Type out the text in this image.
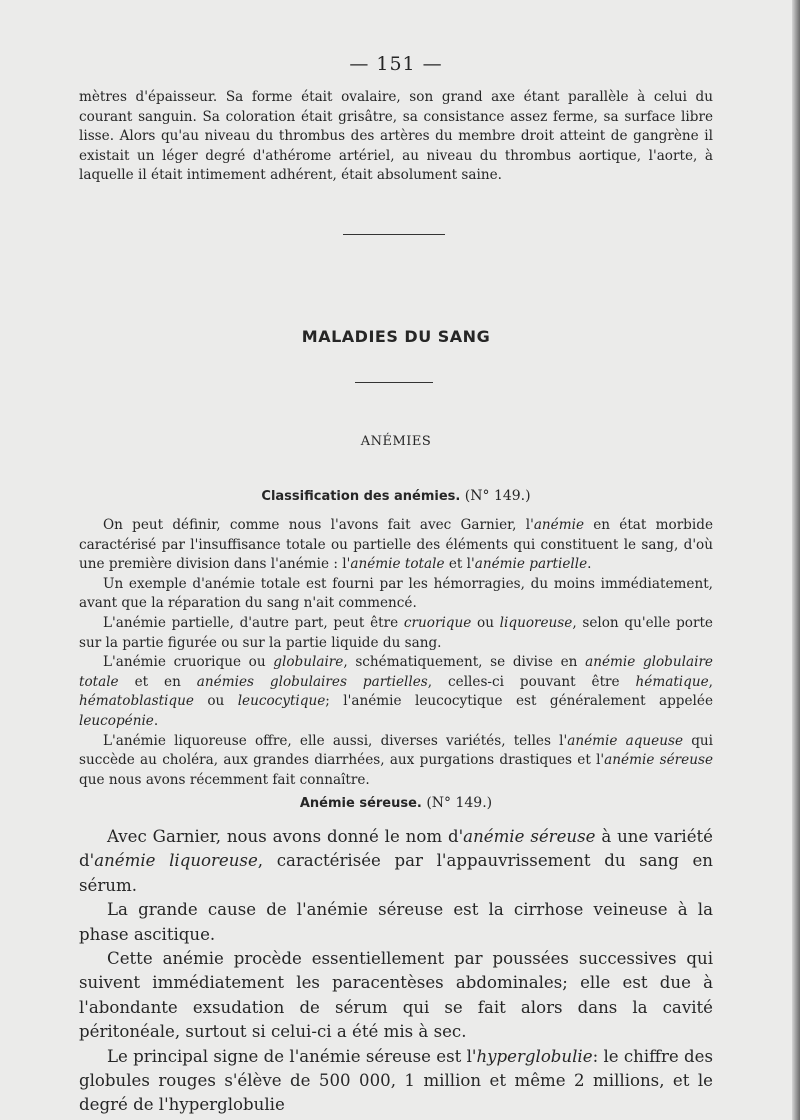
— 151 —

mètres d'épaisseur. Sa forme était ovalaire, son grand axe étant parallèle à celui du courant sanguin. Sa coloration était grisâtre, sa consistance assez ferme, sa surface libre lisse. Alors qu'au niveau du thrombus des artères du membre droit atteint de gangrène il existait un léger degré d'athérome artériel, au niveau du thrombus aortique, l'aorte, à laquelle il était intimement adhérent, était absolument saine.

MALADIES DU SANG
ANÉMIES
Classification des anémies. (N° 149.)

On peut définir, comme nous l'avons fait avec Garnier, l'anémie en état morbide caractérisé par l'insuffisance totale ou partielle des éléments qui constituent le sang, d'où une première division dans l'anémie : l'anémie totale et l'anémie partielle.

Un exemple d'anémie totale est fourni par les hémorragies, du moins immédiatement, avant que la réparation du sang n'ait commencé.

L'anémie partielle, d'autre part, peut être cruorique ou liquoreuse, selon qu'elle porte sur la partie figurée ou sur la partie liquide du sang.

L'anémie cruorique ou globulaire, schématiquement, se divise en anémie globulaire totale et en anémies globulaires partielles, celles-ci pouvant être hématique, hématoblastique ou leucocytique; l'anémie leucocytique est généralement appelée leucopénie.

L'anémie liquoreuse offre, elle aussi, diverses variétés, telles l'anémie aqueuse qui succède au choléra, aux grandes diarrhées, aux purgations drastiques et l'anémie séreuse que nous avons récemment fait connaître.

Anémie séreuse. (N° 149.)

Avec Garnier, nous avons donné le nom d'anémie séreuse à une variété d'anémie liquoreuse, caractérisée par l'appauvrissement du sang en sérum.

La grande cause de l'anémie séreuse est la cirrhose veineuse à la phase ascitique.

Cette anémie procède essentiellement par poussées successives qui suivent immédiatement les paracentèses abdominales; elle est due à l'abondante exsudation de sérum qui se fait alors dans la cavité péritonéale, surtout si celui-ci a été mis à sec.

Le principal signe de l'anémie séreuse est l'hyperglobulie: le chiffre des globules rouges s'élève de 500 000, 1 million et même 2 millions, et le degré de l'hyperglobulie
